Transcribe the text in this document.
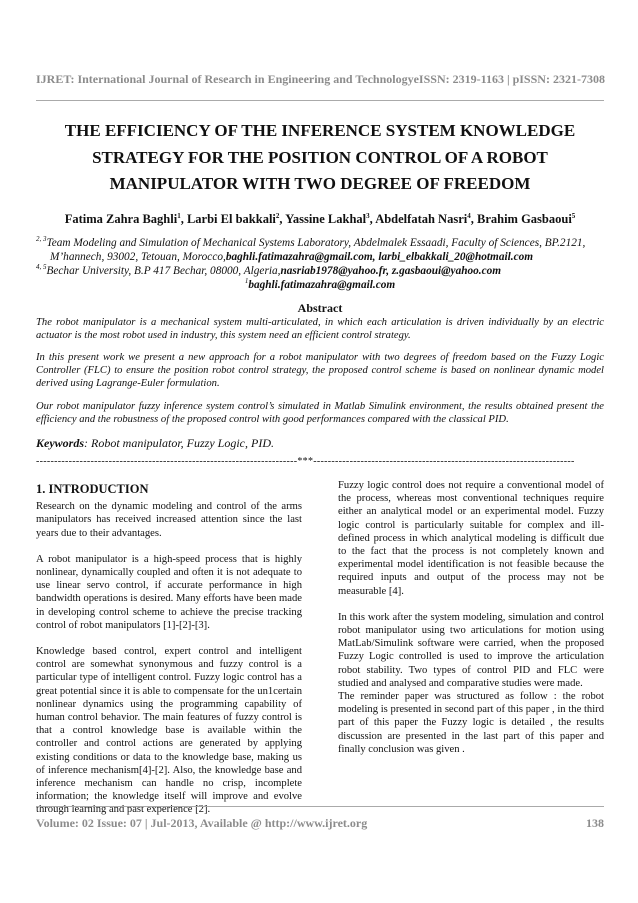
IJRET: International Journal of Research in Engineering and Technology eISSN: 2319-1163 | pISSN: 2321-7308
THE EFFICIENCY OF THE INFERENCE SYSTEM KNOWLEDGE
STRATEGY FOR THE POSITION CONTROL OF A ROBOT
MANIPULATOR WITH TWO DEGREE OF FREEDOM
Fatima Zahra Baghli$^1$, Larbi El bakkali$^2$, Yassine Lakhal$^3$, Abdelfatah Nasri$^4$, Brahim Gasbaoui$^5$
$^{2, 3}$Team Modeling and Simulation of Mechanical Systems Laboratory, Abdelmalek Essaadi, Faculty of Sciences, BP.2121,
M’hannech, 93002, Tetouan, Morocco,baghli.fatimazahra@gmail.com, larbi_elbakkali_20@hotmail.com
$^{4, 5}$Bechar University, B.P 417 Bechar, 08000, Algeria,nasriab1978@yahoo.fr, z.gasbaoui@yahoo.com
$^1$baghli.fatimazahra@gmail.com
Abstract
The robot manipulator is a mechanical system multi-articulated, in which each articulation is driven individually by an electric actuator is the most robot used in industry, this system need an efficient control strategy.
In this present work we present a new approach for a robot manipulator with two degrees of freedom based on the Fuzzy Logic Controller (FLC) to ensure the position robot control strategy, the proposed control scheme is based on nonlinear dynamic model derived using Lagrange-Euler formulation.
Our robot manipulator fuzzy inference system control’s simulated in Matlab Simulink environment, the results obtained present the efficiency and the robustness of the proposed control with good performances compared with the classical PID.
Keywords: Robot manipulator, Fuzzy Logic, PID.
------------------------------------------------------------------------***------------------------------------------------------------------------
1. INTRODUCTION

Research on the dynamic modeling and control of the arms manipulators has received increased attention since the last years due to their advantages.

A robot manipulator is a high-speed process that is highly nonlinear, dynamically coupled and often it is not adequate to use linear servo control, if accurate performance in high bandwidth operations is desired. Many efforts have been made in developing control scheme to achieve the precise tracking control of robot manipulators [1]-[2]-[3].

Knowledge based control, expert control and intelligent control are somewhat synonymous and fuzzy control is a particular type of intelligent control. Fuzzy logic control has a great potential since it is able to compensate for the un1certain nonlinear dynamics using the programming capability of human control behavior. The main features of fuzzy control is that a control knowledge base is available within the controller and control actions are generated by applying existing conditions or data to the knowledge base, making us of inference mechanism[4]-[2]. Also, the knowledge base and inference mechanism can handle no crisp, incomplete information; the knowledge itself will improve and evolve through learning and past experience [2].

Fuzzy logic control does not require a conventional model of the process, whereas most conventional techniques require either an analytical model or an experimental model. Fuzzy logic control is particularly suitable for complex and ill-defined process in which analytical modeling is difficult due to the fact that the process is not completely known and experimental model identification is not feasible because the required inputs and output of the process may not be measurable [4].

In this work after the system modeling, simulation and control robot manipulator using two articulations for motion using MatLab/Simulink software were carried, when the proposed Fuzzy Logic controlled is used to improve the articulation robot stability. Two types of control PID and FLC were studied and analysed and comparative studies were made.

The reminder paper was structured as follow : the robot modeling is presented in second part of this paper , in the third part of this paper the Fuzzy logic is detailed , the results discussion are presented in the last part of this paper and finally conclusion was given .

Volume: 02 Issue: 07 | Jul-2013, Available @ http://www.ijret.org	138
